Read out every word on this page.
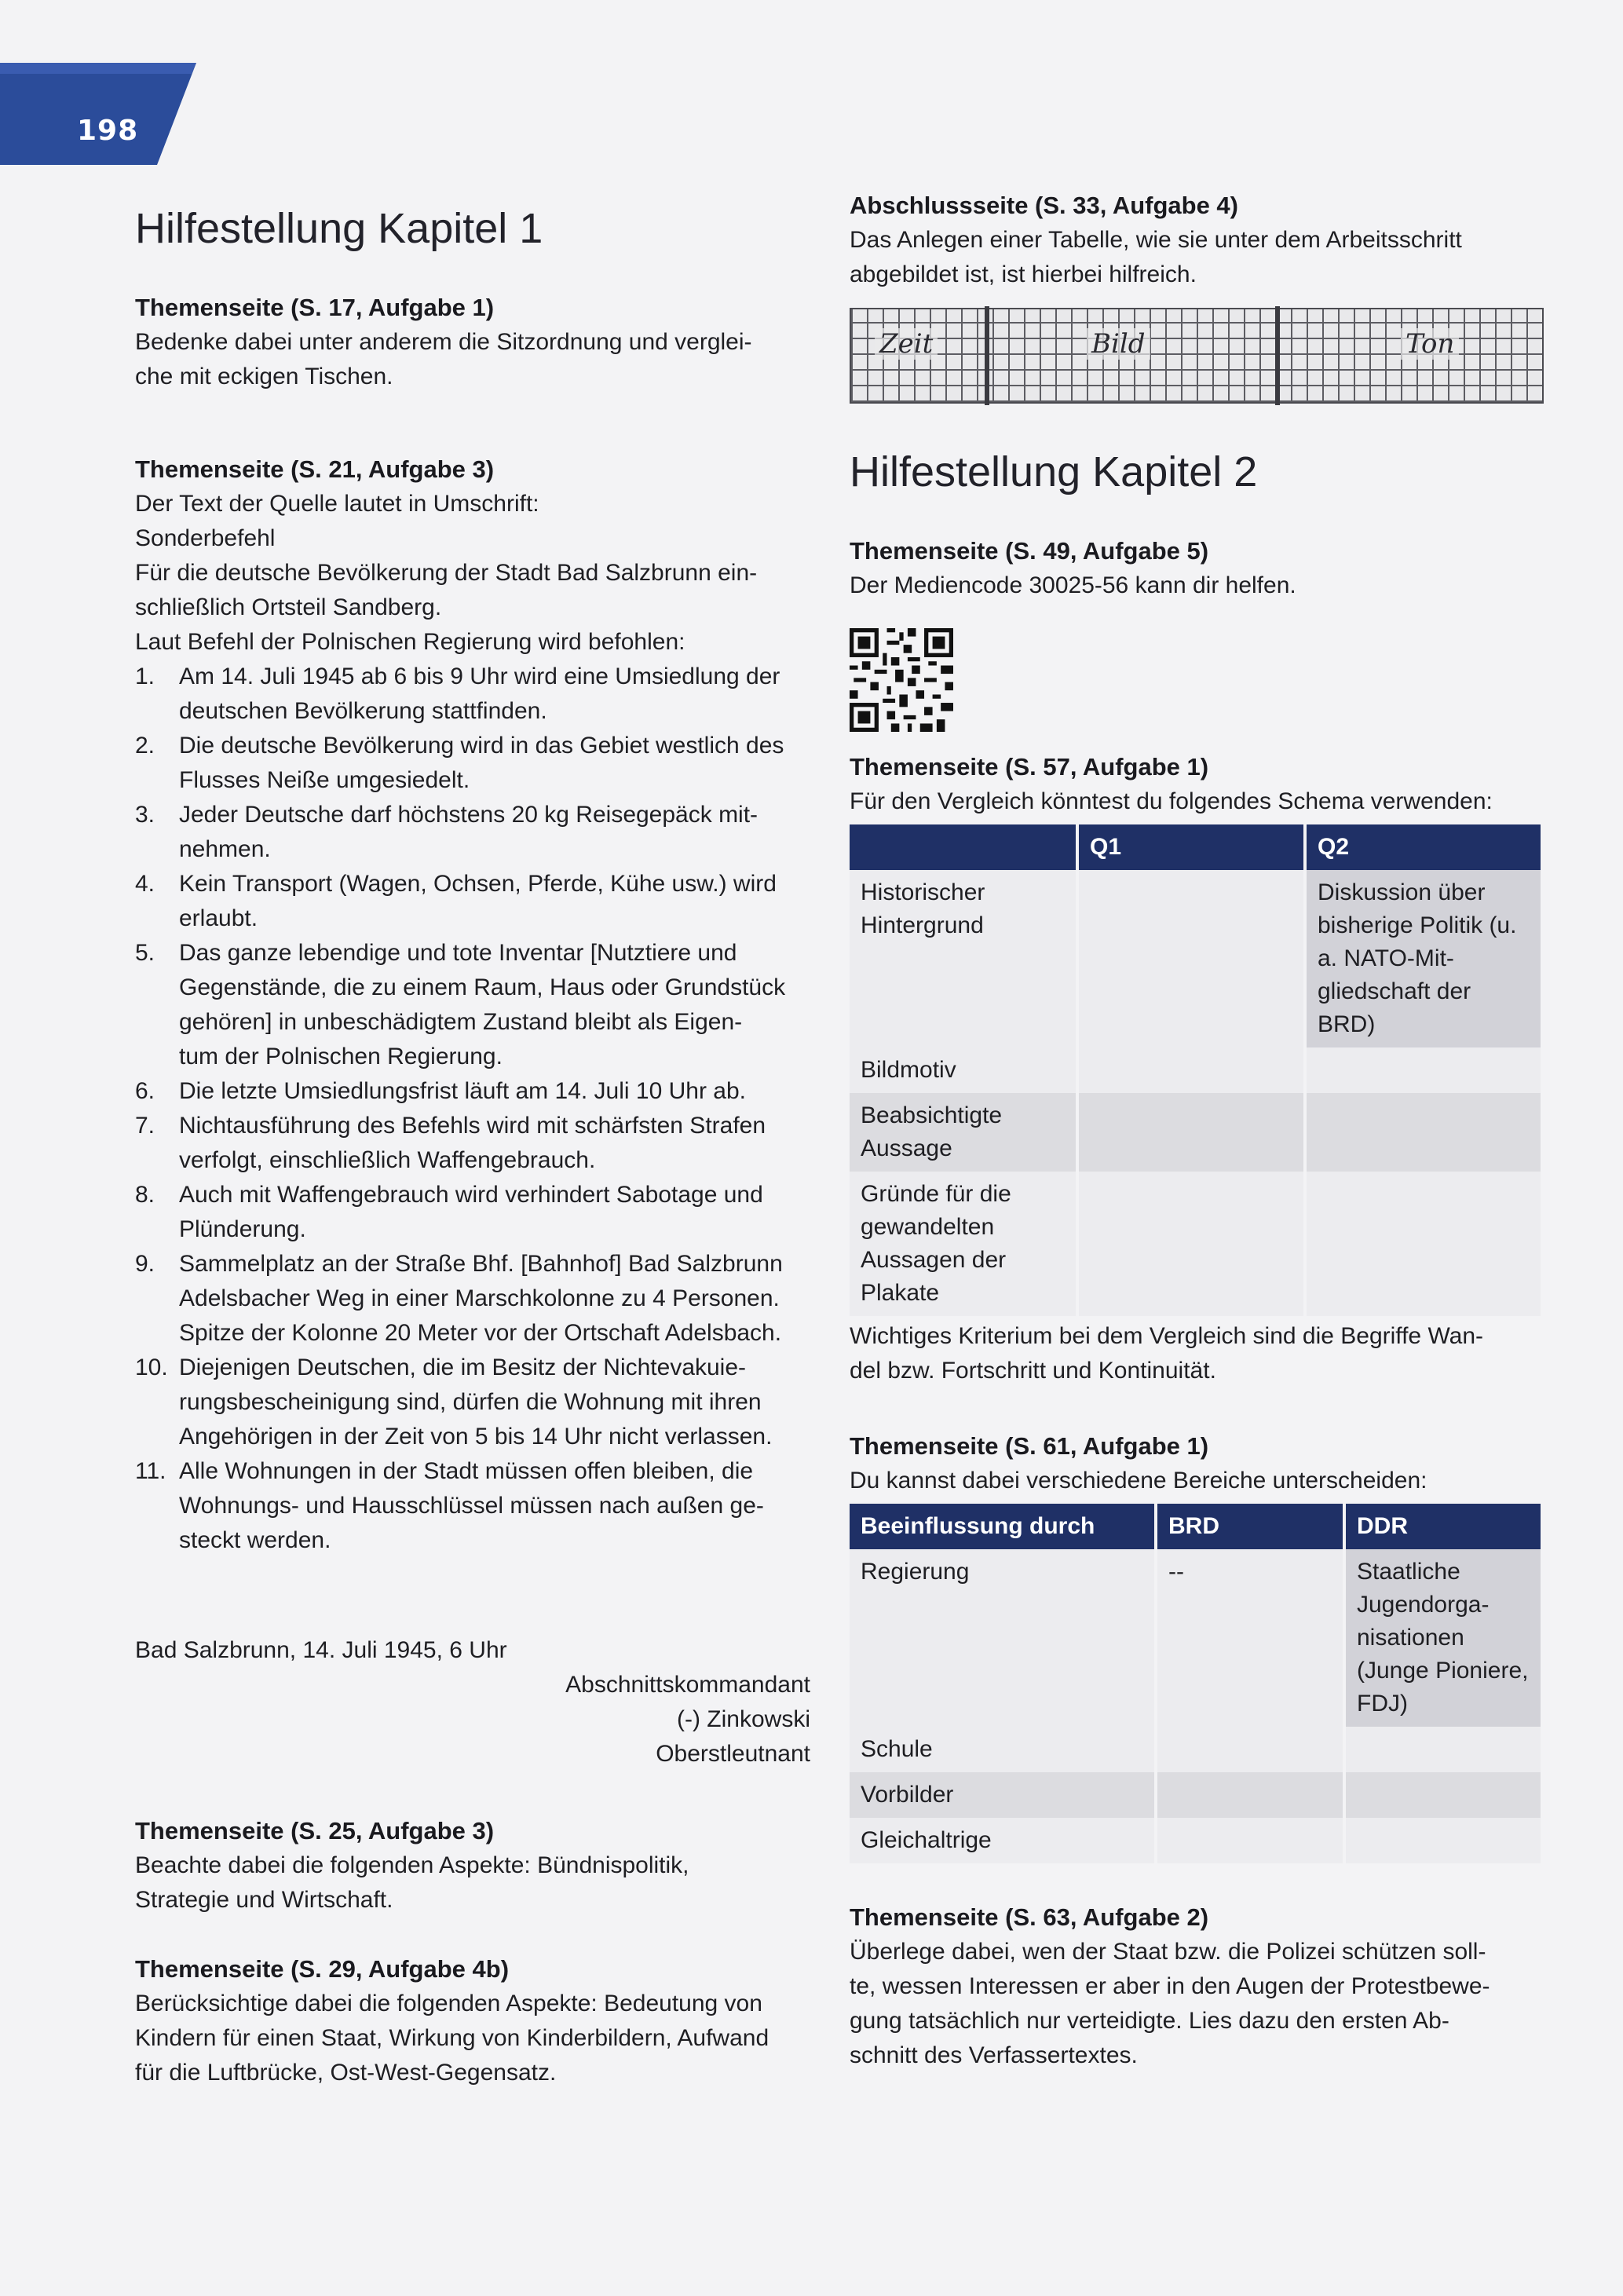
198
Hilfestellung Kapitel 1
Themenseite (S. 17, Aufgabe 1)
Bedenke dabei unter anderem die Sitzordnung und verglei-
che mit eckigen Tischen.
Themenseite (S. 21, Aufgabe 3)
Der Text der Quelle lautet in Umschrift:
Sonderbefehl
Für die deutsche Bevölkerung der Stadt Bad Salzbrunn ein-
schließlich Ortsteil Sandberg.
Laut Befehl der Polnischen Regierung wird befohlen:
1.	Am 14. Juli 1945 ab 6 bis 9 Uhr wird eine Umsiedlung der
deutschen Bevölkerung stattfinden.
2.	Die deutsche Bevölkerung wird in das Gebiet westlich des
Flusses Neiße umgesiedelt.
3.	Jeder Deutsche darf höchstens 20 kg Reisegepäck mit-
nehmen.
4.	Kein Transport (Wagen, Ochsen, Pferde, Kühe usw.) wird
erlaubt.
5.	Das ganze lebendige und tote Inventar [Nutztiere und
Gegenstände, die zu einem Raum, Haus oder Grundstück
gehören] in unbeschädigtem Zustand bleibt als Eigen-
tum der Polnischen Regierung.
6.	Die letzte Umsiedlungsfrist läuft am 14. Juli 10 Uhr ab.
7.	Nichtausführung des Befehls wird mit schärfsten Strafen
verfolgt, einschließlich Waffengebrauch.
8.	Auch mit Waffengebrauch wird verhindert Sabotage und
Plünderung.
9.	Sammelplatz an der Straße Bhf. [Bahnhof] Bad Salzbrunn
Adelsbacher Weg in einer Marschkolonne zu 4 Personen.
Spitze der Kolonne 20 Meter vor der Ortschaft Adelsbach.
10. Diejenigen Deutschen, die im Besitz der Nichtevakuie-
rungsbescheinigung sind, dürfen die Wohnung mit ihren
Angehörigen in der Zeit von 5 bis 14 Uhr nicht verlassen.
11. Alle Wohnungen in der Stadt müssen offen bleiben, die
Wohnungs- und Hausschlüssel müssen nach außen ge-
steckt werden.
Bad Salzbrunn, 14. Juli 1945, 6 Uhr
Abschnittskommandant
(-) Zinkowski
Oberstleutnant
Themenseite (S. 25, Aufgabe 3)
Beachte dabei die folgenden Aspekte: Bündnispolitik,
Strategie und Wirtschaft.
Themenseite (S. 29, Aufgabe 4b)
Berücksichtige dabei die folgenden Aspekte: Bedeutung von
Kindern für einen Staat, Wirkung von Kinderbildern, Aufwand
für die Luftbrücke, Ost-West-Gegensatz.
Abschlussseite (S. 33, Aufgabe 4)
Das Anlegen einer Tabelle, wie sie unter dem Arbeitsschritt
abgebildet ist, ist hierbei hilfreich.
Zeit	Bild	Ton
Hilfestellung Kapitel 2
Themenseite (S. 49, Aufgabe 5)
Der Mediencode 30025-56 kann dir helfen.
Themenseite (S. 57, Aufgabe 1)
Für den Vergleich könntest du folgendes Schema verwenden:
	Q1	Q2
Historischer Hintergrund		Diskussion über bisherige Politik (u. a. NATO-Mit- gliedschaft der BRD)
Bildmotiv		
Beabsichtigte Aussage		
Gründe für die gewandelten Aussagen der Plakate		
Wichtiges Kriterium bei dem Vergleich sind die Begriffe Wan-
del bzw. Fortschritt und Kontinuität.
Themenseite (S. 61, Aufgabe 1)
Du kannst dabei verschiedene Bereiche unterscheiden:
Beeinflussung durch	BRD	DDR
Regierung	--	Staatliche Jugendorga- nisationen (Junge Pioniere, FDJ)
Schule		
Vorbilder		
Gleichaltrige		
Themenseite (S. 63, Aufgabe 2)
Überlege dabei, wen der Staat bzw. die Polizei schützen soll-
te, wessen Interessen er aber in den Augen der Protestbewe-
gung tatsächlich nur verteidigte. Lies dazu den ersten Ab-
schnitt des Verfassertextes.
